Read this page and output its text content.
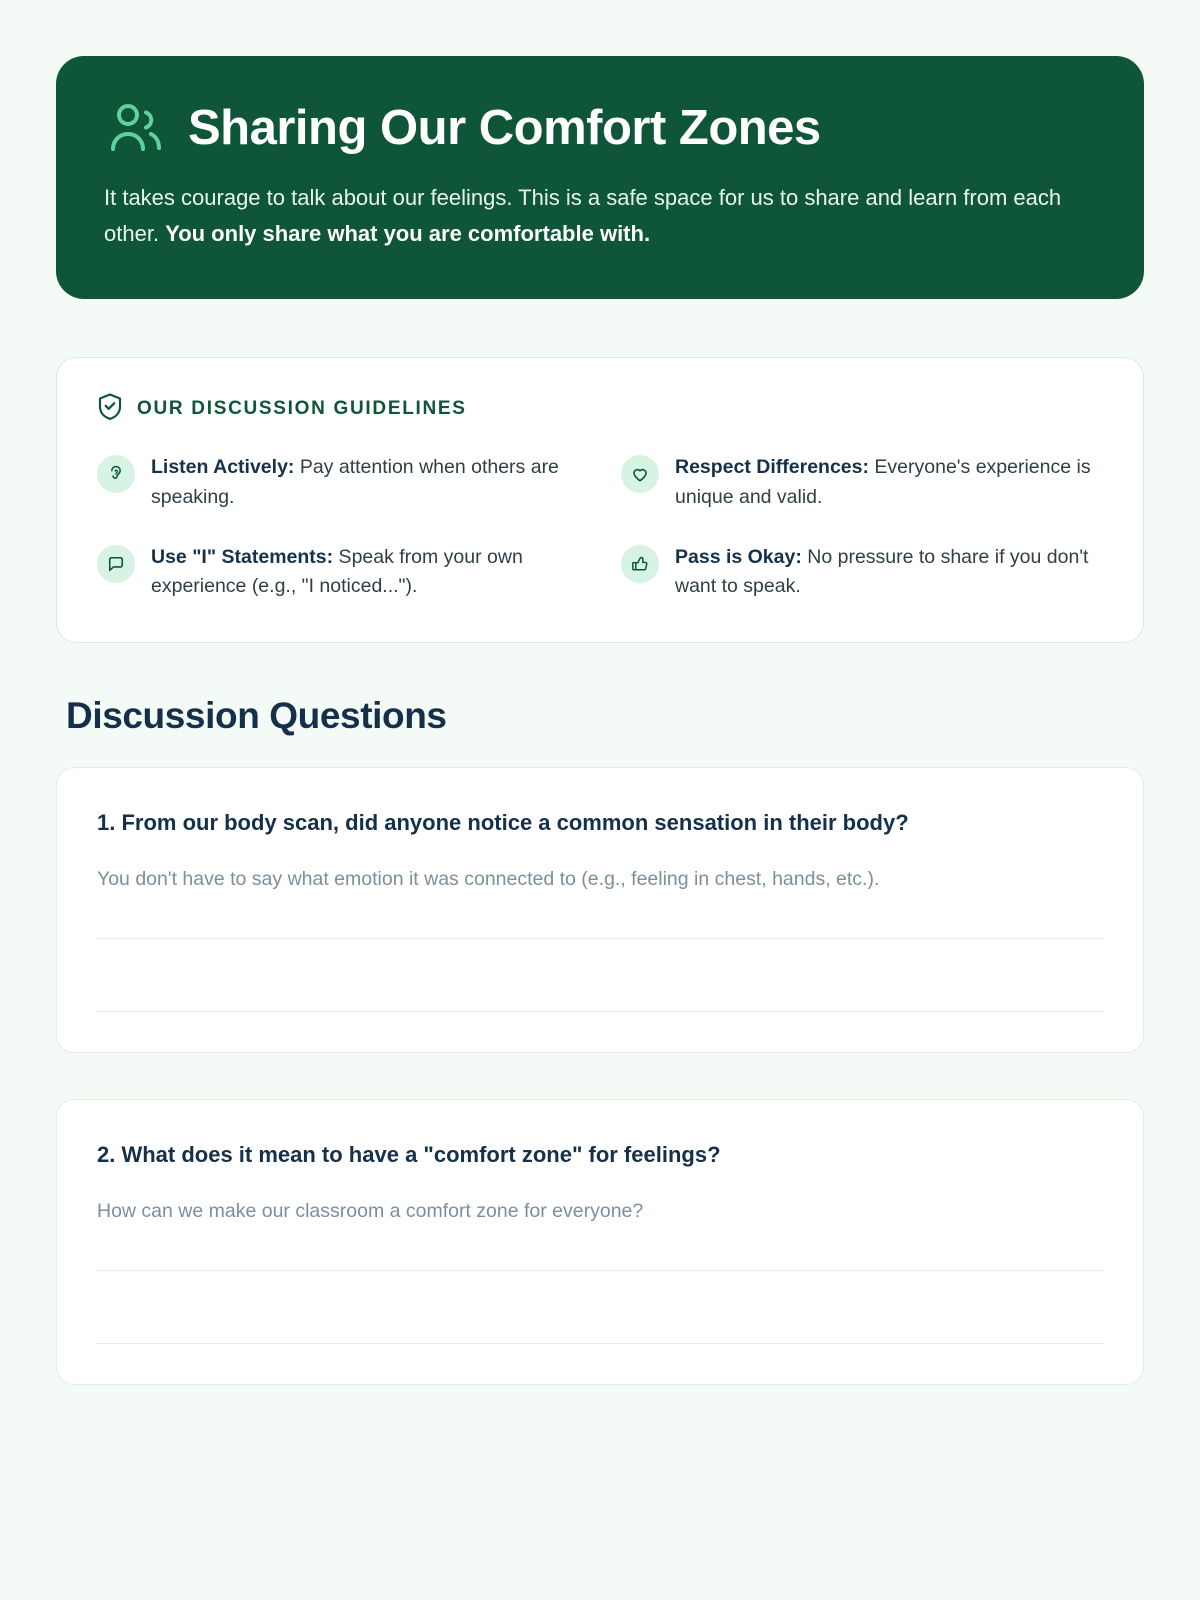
Sharing Our Comfort Zones

It takes courage to talk about our feelings. This is a safe space for us to share and learn from each other. You only share what you are comfortable with.

OUR DISCUSSION GUIDELINES
Listen Actively: Pay attention when others are speaking.
Respect Differences: Everyone's experience is unique and valid.
Use "I" Statements: Speak from your own experience (e.g., "I noticed...").
Pass is Okay: No pressure to share if you don't want to speak.
Discussion Questions
1. From our body scan, did anyone notice a common sensation in their body?

You don't have to say what emotion it was connected to (e.g., feeling in chest, hands, etc.).

2. What does it mean to have a "comfort zone" for feelings?

How can we make our classroom a comfort zone for everyone?
